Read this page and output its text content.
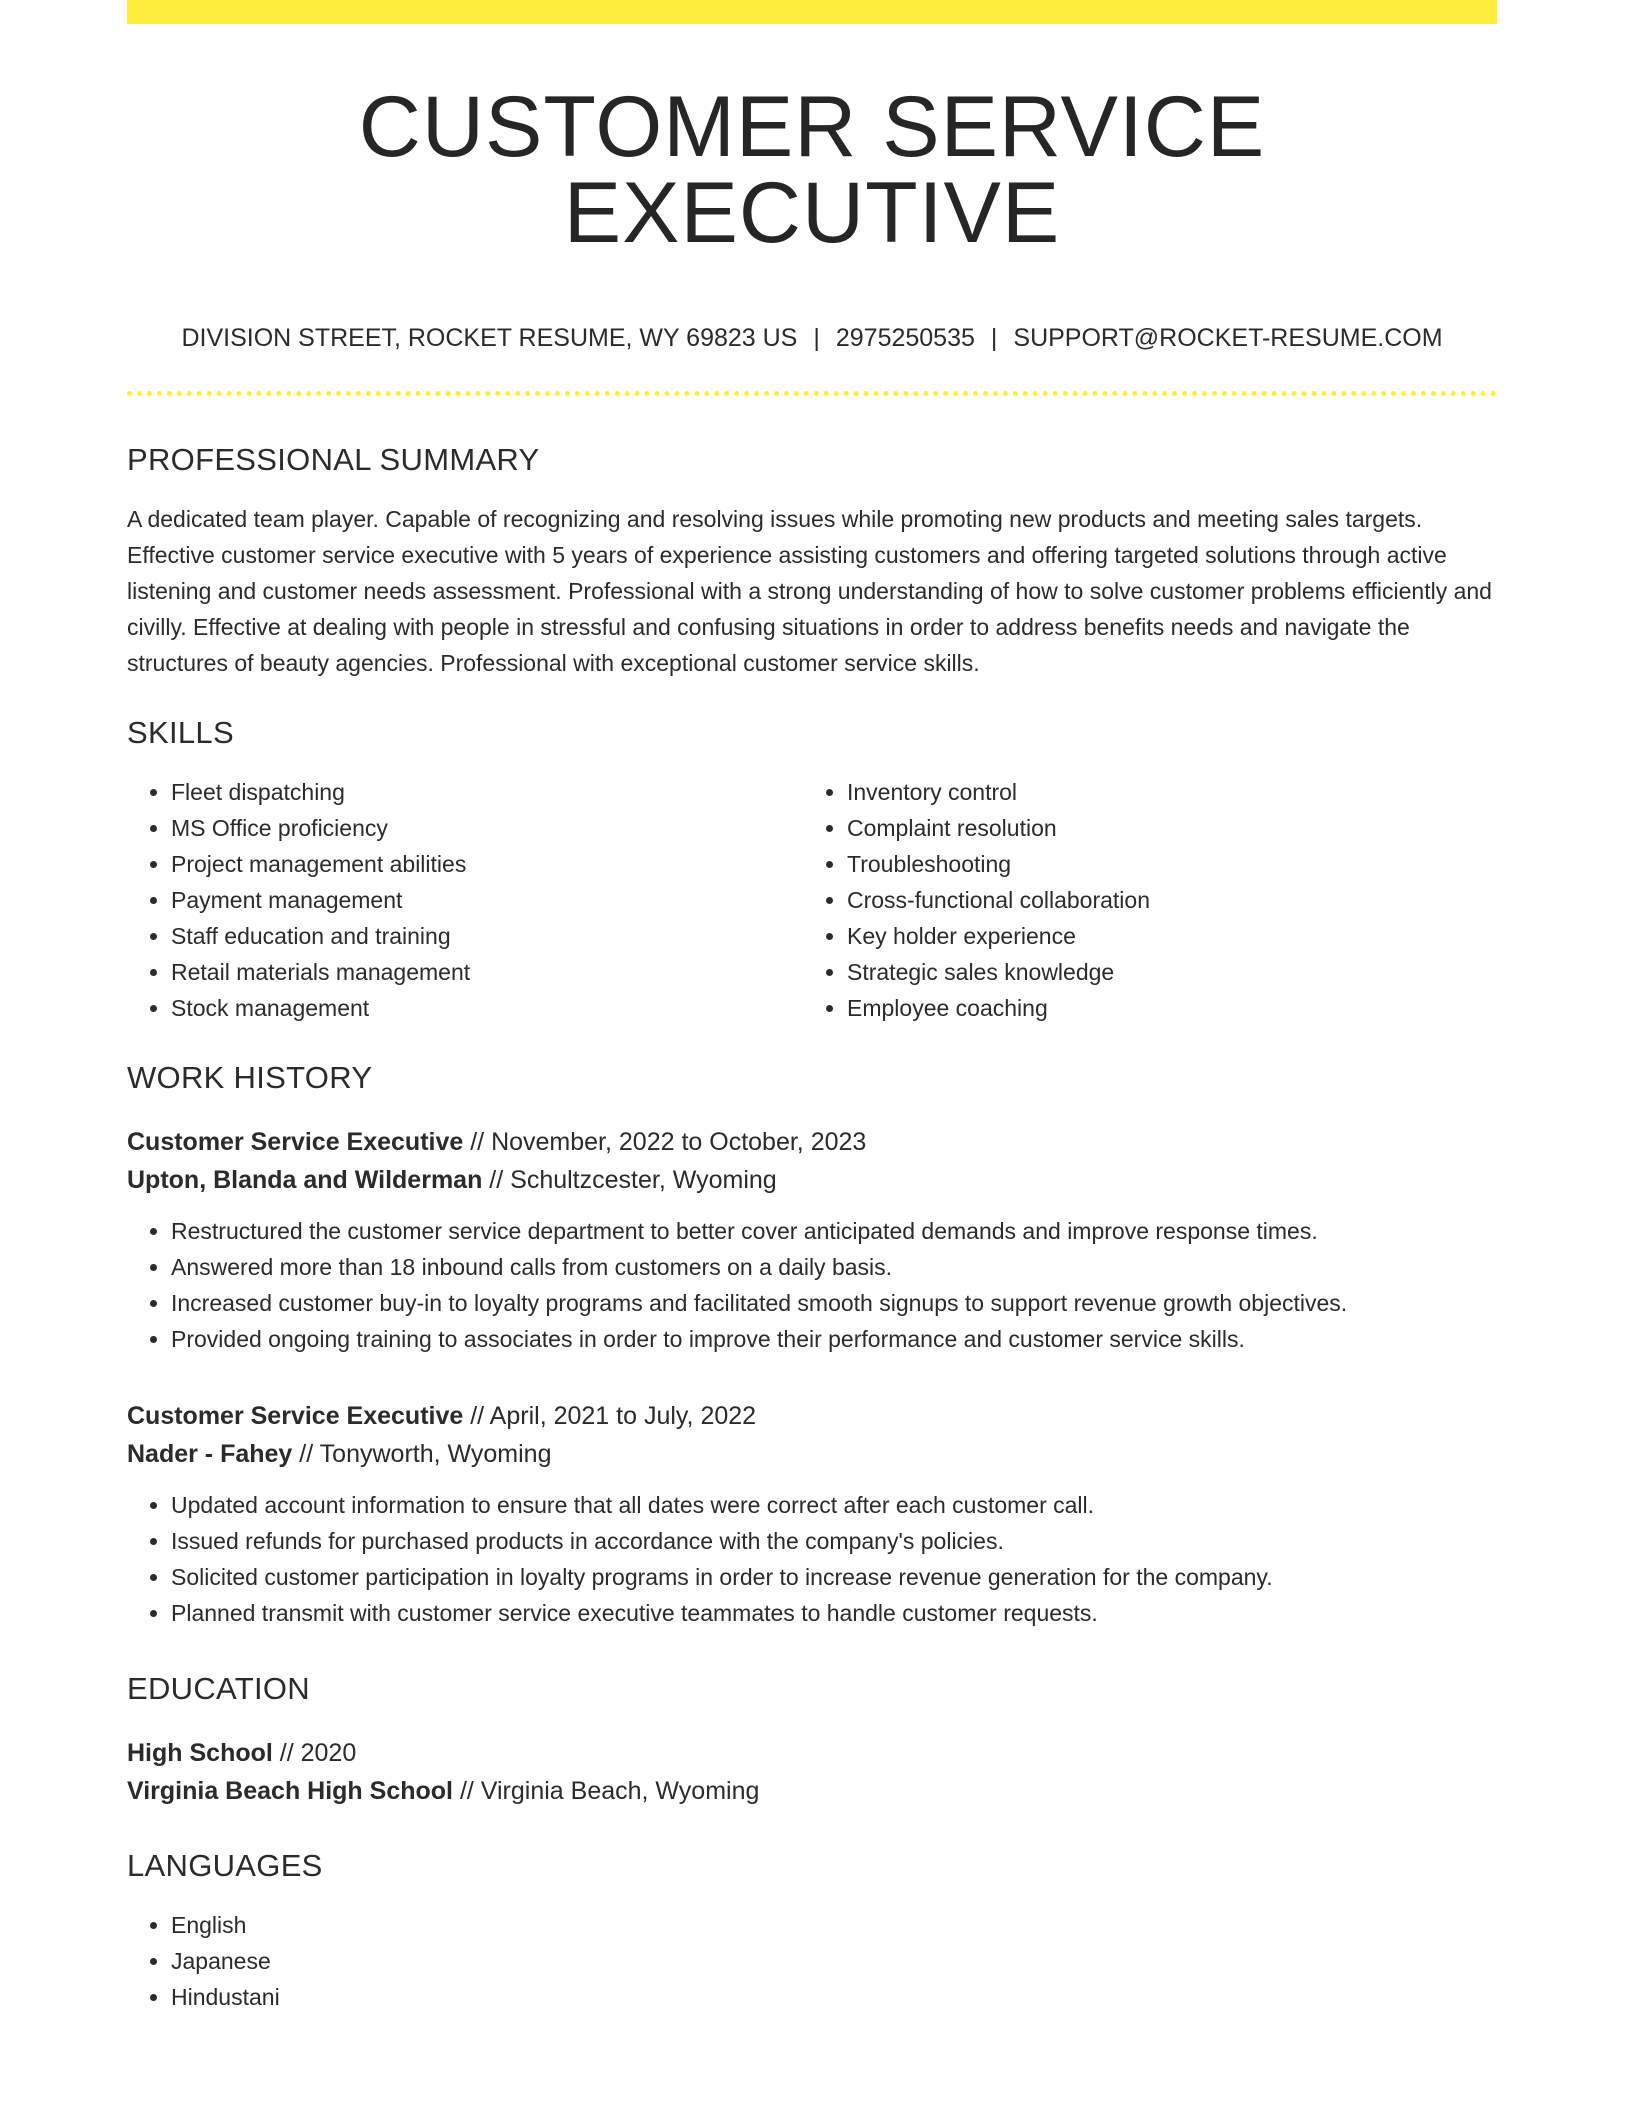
CUSTOMER SERVICE EXECUTIVE
DIVISION STREET, ROCKET RESUME, WY 69823 US | 2975250535 | SUPPORT@ROCKET-RESUME.COM
PROFESSIONAL SUMMARY

A dedicated team player. Capable of recognizing and resolving issues while promoting new products and meeting sales targets. Effective customer service executive with 5 years of experience assisting customers and offering targeted solutions through active listening and customer needs assessment. Professional with a strong understanding of how to solve customer problems efficiently and civilly. Effective at dealing with people in stressful and confusing situations in order to address benefits needs and navigate the structures of beauty agencies. Professional with exceptional customer service skills.

SKILLS
• Fleet dispatching
• MS Office proficiency
• Project management abilities
• Payment management
• Staff education and training
• Retail materials management
• Stock management
• Inventory control
• Complaint resolution
• Troubleshooting
• Cross-functional collaboration
• Key holder experience
• Strategic sales knowledge
• Employee coaching
WORK HISTORY
Customer Service Executive // November, 2022 to October, 2023
Upton, Blanda and Wilderman // Schultzcester, Wyoming
• Restructured the customer service department to better cover anticipated demands and improve response times.
• Answered more than 18 inbound calls from customers on a daily basis.
• Increased customer buy-in to loyalty programs and facilitated smooth signups to support revenue growth objectives.
• Provided ongoing training to associates in order to improve their performance and customer service skills.
Customer Service Executive // April, 2021 to July, 2022
Nader - Fahey // Tonyworth, Wyoming
• Updated account information to ensure that all dates were correct after each customer call.
• Issued refunds for purchased products in accordance with the company's policies.
• Solicited customer participation in loyalty programs in order to increase revenue generation for the company.
• Planned transmit with customer service executive teammates to handle customer requests.
EDUCATION
High School // 2020
Virginia Beach High School // Virginia Beach, Wyoming
LANGUAGES
• English
• Japanese
• Hindustani
